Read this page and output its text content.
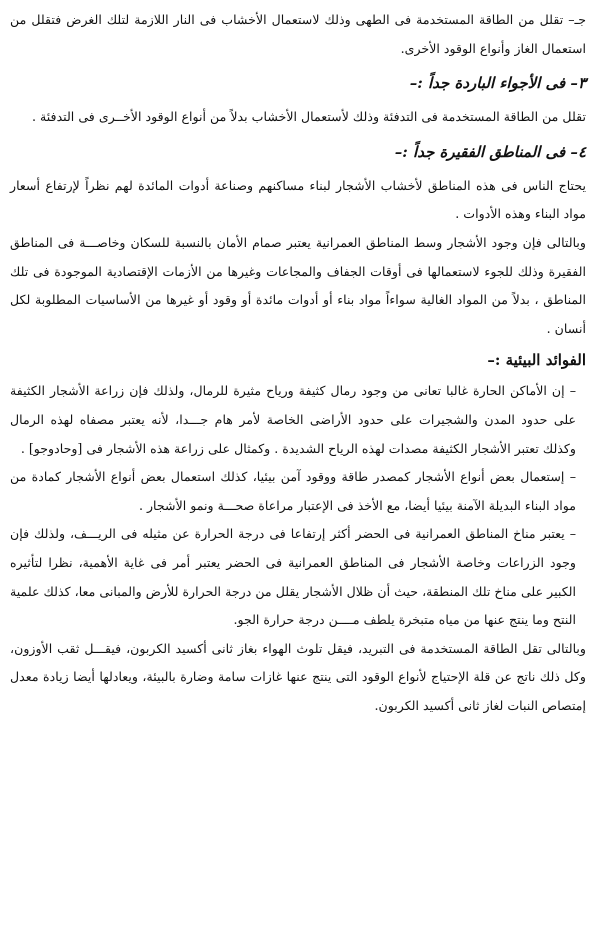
جـ– تقلل من الطاقة المستخدمة فى الطهى وذلك لاستعمال الأخشاب فى النار اللازمة لتلك الغرض فتقلل من استعمال الغاز وأنواع الوقود الأخرى.

٣– فى الأجواء الباردة جداً :–

تقلل من الطاقة المستخدمة فى التدفئة وذلك لأستعمال الأخشاب بدلاً من أنواع الوقود الأخــرى فى التدفئة .

٤– فى المناطق الفقيرة جداً :–

يحتاج الناس فى هذه المناطق لأخشاب الأشجار لبناء مساكنهم وصناعة أدوات المائدة لهم نظراً لإرتفاع أسعار مواد البناء وهذه الأدوات .

وبالتالى فإن وجود الأشجار وسط المناطق العمرانية يعتبر صمام الأمان بالنسبة للسكان وخاصـــة فى المناطق الفقيرة وذلك للجوء لاستعمالها فى أوقات الجفاف والمجاعات وغيرها من الأزمات الإقتصادية الموجودة فى تلك المناطق ، بدلاً من المواد الغالية سواءاً مواد بناء أو أدوات مائدة أو وقود أو غيرها من الأساسيات المطلوبة لكل أنسان .

الفوائد البيئية :–

– إن الأماكن الحارة غالبا تعانى من وجود رمال كثيفة ورياح مثيرة للرمال، ولذلك فإن زراعة الأشجار الكثيفة على حدود المدن والشجيرات على حدود الأراضى الخاصة لأمر هام جـــدا، لأنه يعتبر مصفاه لهذه الرمال وكذلك تعتبر الأشجار الكثيفة مصدات لهذه الرياح الشديدة . وكمثال على زراعة هذه الأشجار فى [وحادوجو] .

– إستعمال بعض أنواع الأشجار كمصدر طاقة ووقود آمن بيئيا، كذلك استعمال بعض أنواع الأشجار كمادة من مواد البناء البديلة الآمنة بيئيا أيضا، مع الأخذ فى الإعتبار مراعاة صحـــة ونمو الأشجار .

– يعتبر مناخ المناطق العمرانية فى الحضر أكثر إرتفاعا فى درجة الحرارة عن مثيله فى الريـــف، ولذلك فإن وجود الزراعات وخاصة الأشجار فى المناطق العمرانية فى الحضر يعتبر أمر فى غاية الأهمية، نظرا لتأثيره الكبير على مناخ تلك المنطقة، حيث أن ظلال الأشجار يقلل من درجة الحرارة للأرض والمبانى معا، كذلك علمية النتح وما ينتج عنها من مياه متبخرة يلطف مــــن درجة حرارة الجو.

وبالتالى تقل الطاقة المستخدمة فى التبريد، فيقل تلوث الهواء بغاز ثانى أكسيد الكربون، فيقـــل ثقب الأوزون، وكل ذلك ناتج عن قلة الإحتياج لأنواع الوقود التى ينتج عنها غازات سامة وضارة بالبيئة، ويعادلها أيضا زيادة معدل إمتصاص النبات لغاز ثانى أكسيد الكربون.
